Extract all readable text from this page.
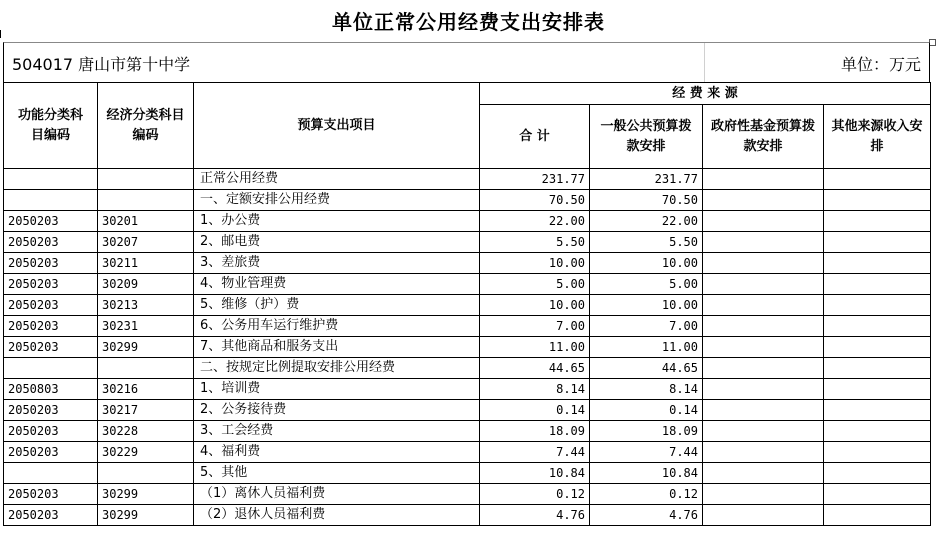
单位正常公用经费支出安排表
504017 唐山市第十中学	单位：万元
功能分类科目编码	经济分类科目编码	预算支出项目	经 费 来 源			
			合 计	一般公共预算拨款安排	政府性基金预算拨款安排	其他来源收入安排
		正常公用经费	231.77	231.77		
		一、定额安排公用经费	70.50	70.50		
2050203	30201	1、办公费	22.00	22.00		
2050203	30207	2、邮电费	5.50	5.50		
2050203	30211	3、差旅费	10.00	10.00		
2050203	30209	4、物业管理费	5.00	5.00		
2050203	30213	5、维修（护）费	10.00	10.00		
2050203	30231	6、公务用车运行维护费	7.00	7.00		
2050203	30299	7、其他商品和服务支出	11.00	11.00		
		二、按规定比例提取安排公用经费	44.65	44.65		
2050803	30216	1、培训费	8.14	8.14		
2050203	30217	2、公务接待费	0.14	0.14		
2050203	30228	3、工会经费	18.09	18.09		
2050203	30229	4、福利费	7.44	7.44		
		5、其他	10.84	10.84		
2050203	30299	（1）离休人员福利费	0.12	0.12		
2050203	30299	（2）退休人员福利费	4.76	4.76		
